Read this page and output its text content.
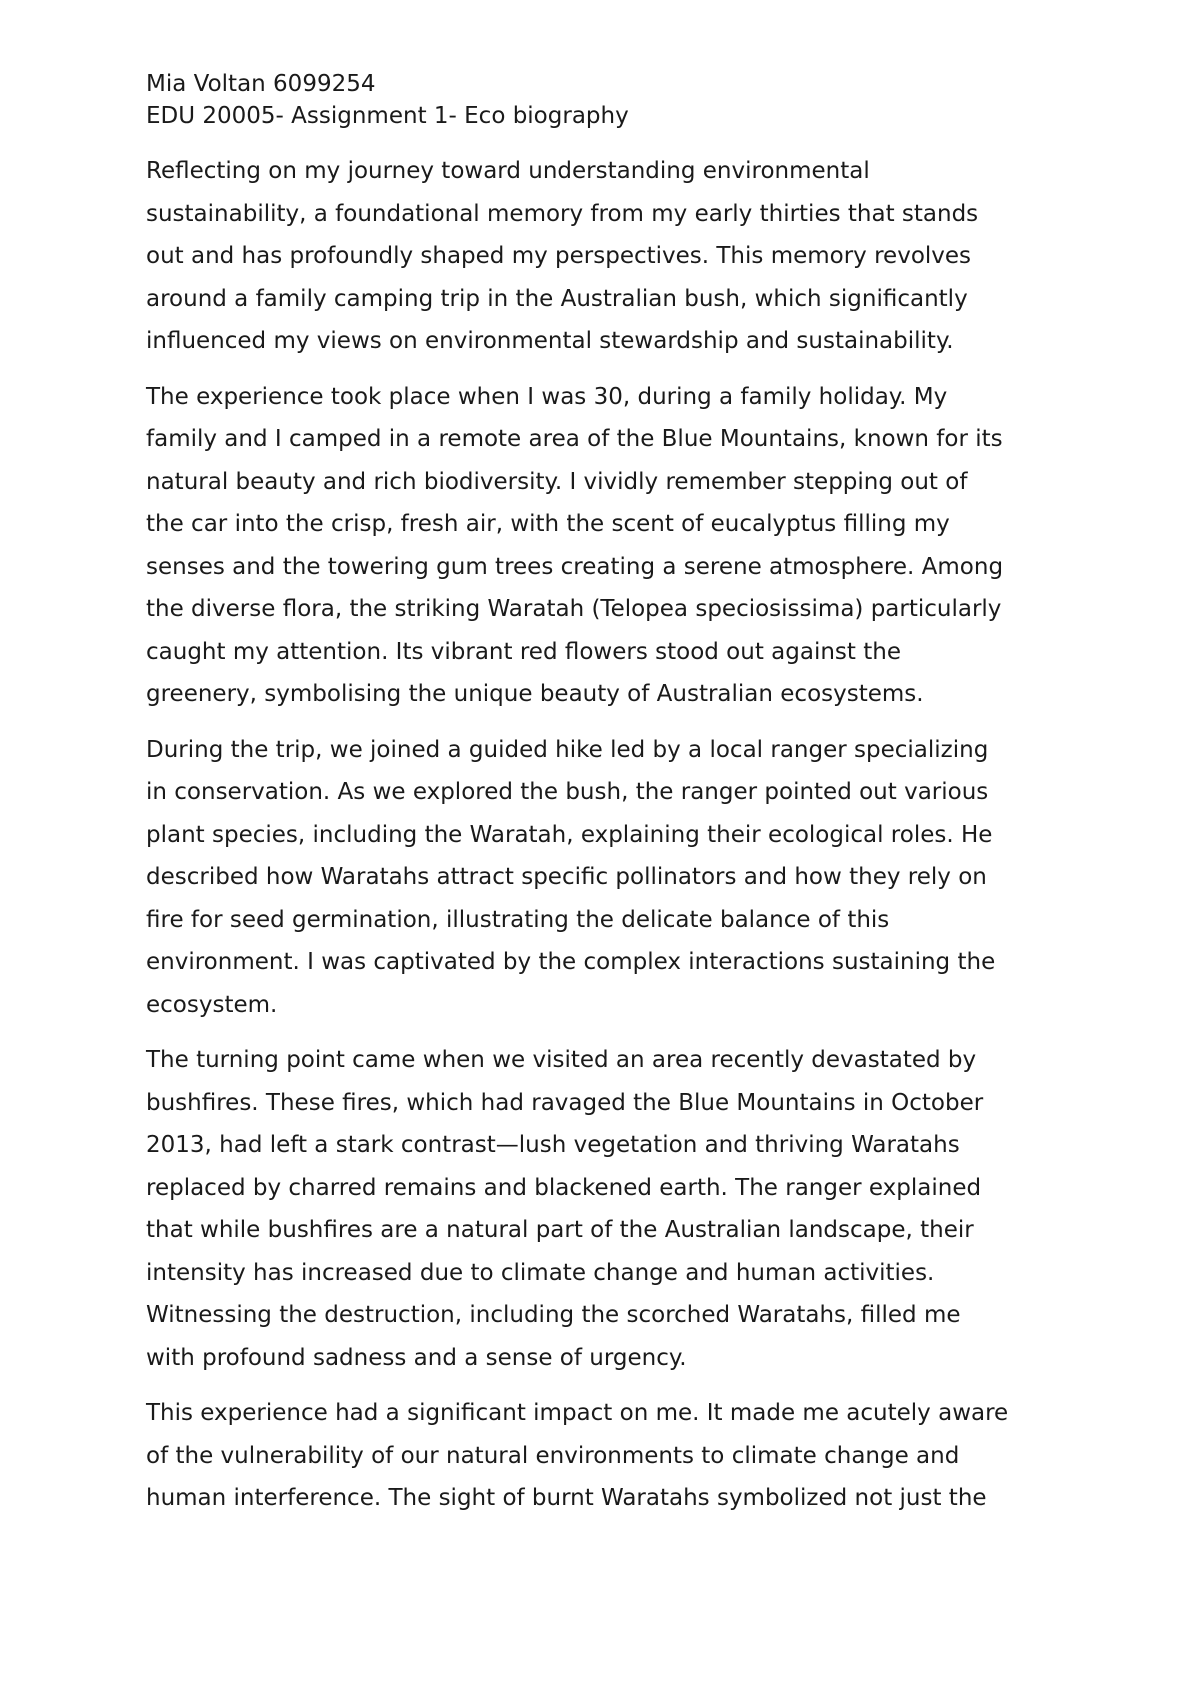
Mia Voltan 6099254
EDU 20005- Assignment 1- Eco biography
Reflecting on my journey toward understanding environmental
sustainability, a foundational memory from my early thirties that stands
out and has profoundly shaped my perspectives. This memory revolves
around a family camping trip in the Australian bush, which significantly
influenced my views on environmental stewardship and sustainability.
The experience took place when I was 30, during a family holiday. My
family and I camped in a remote area of the Blue Mountains, known for its
natural beauty and rich biodiversity. I vividly remember stepping out of
the car into the crisp, fresh air, with the scent of eucalyptus filling my
senses and the towering gum trees creating a serene atmosphere. Among
the diverse flora, the striking Waratah (Telopea speciosissima) particularly
caught my attention. Its vibrant red flowers stood out against the
greenery, symbolising the unique beauty of Australian ecosystems.
During the trip, we joined a guided hike led by a local ranger specializing
in conservation. As we explored the bush, the ranger pointed out various
plant species, including the Waratah, explaining their ecological roles. He
described how Waratahs attract specific pollinators and how they rely on
fire for seed germination, illustrating the delicate balance of this
environment. I was captivated by the complex interactions sustaining the
ecosystem.
The turning point came when we visited an area recently devastated by
bushfires. These fires, which had ravaged the Blue Mountains in October
2013, had left a stark contrast—lush vegetation and thriving Waratahs
replaced by charred remains and blackened earth. The ranger explained
that while bushfires are a natural part of the Australian landscape, their
intensity has increased due to climate change and human activities.
Witnessing the destruction, including the scorched Waratahs, filled me
with profound sadness and a sense of urgency.
This experience had a significant impact on me. It made me acutely aware
of the vulnerability of our natural environments to climate change and
human interference. The sight of burnt Waratahs symbolized not just the
